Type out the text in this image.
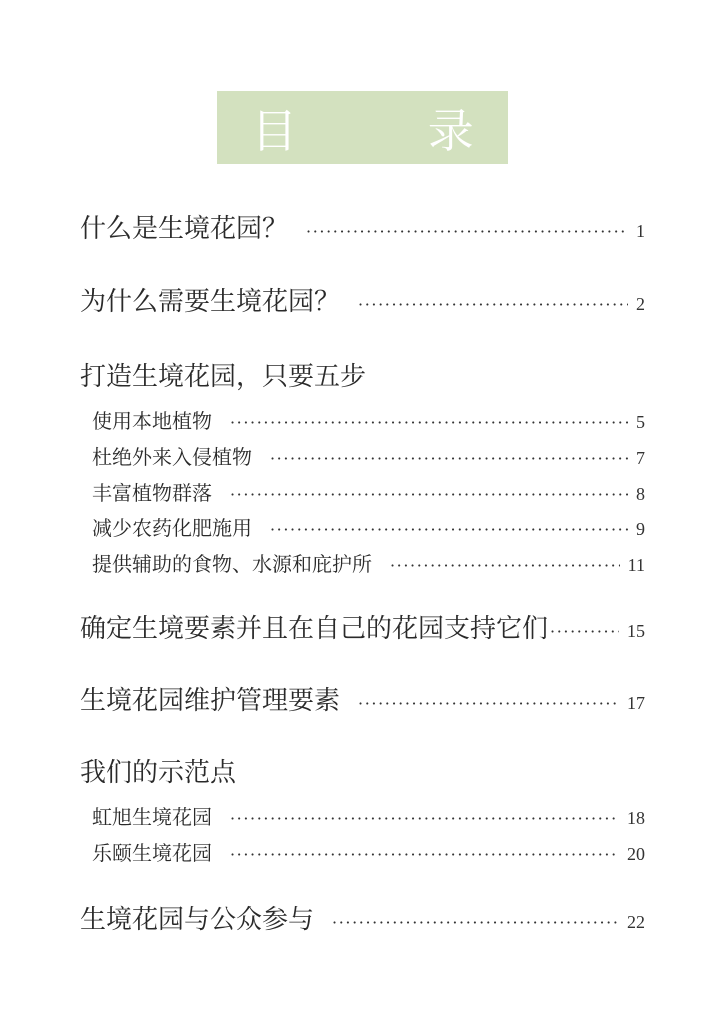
目 录
什么是生境花园？ ·····	1
为什么需要生境花园？ ·····	2
打造生境花园，只要五步
使用本地植物 ·····	5
杜绝外来入侵植物 ·····	7
丰富植物群落 ·····	8
减少农药化肥施用 ·····	9
提供辅助的食物、水源和庇护所 ·····	11
确定生境要素并且在自己的花园支持它们 ·····	15
生境花园维护管理要素 ·····	17
我们的示范点
虹旭生境花园 ·····	18
乐颐生境花园 ·····	20
生境花园与公众参与 ·····	22
